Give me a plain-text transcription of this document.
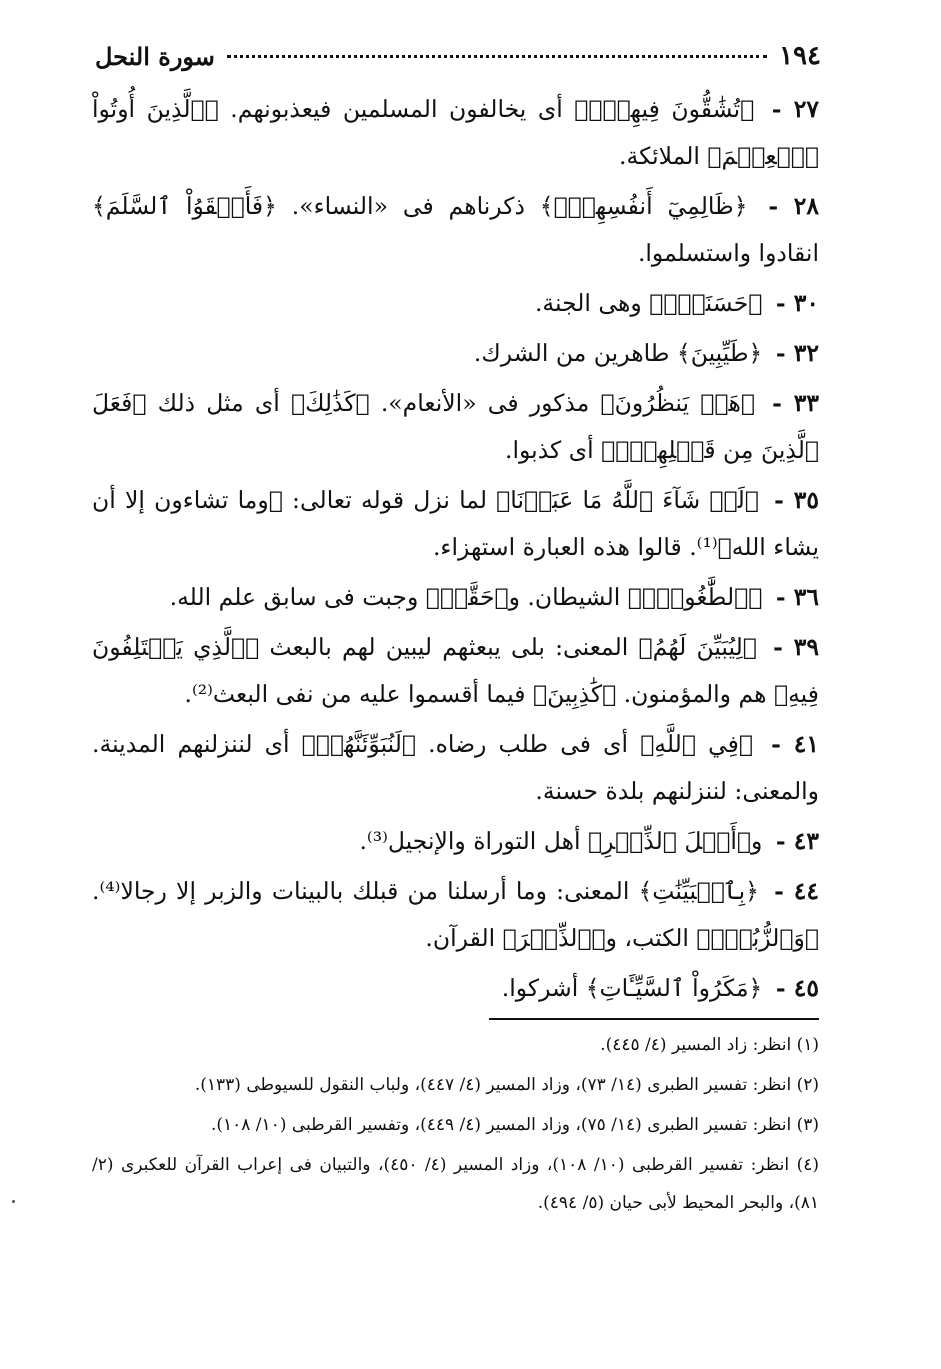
١٩٤
سورة النحل
٢٧ - ﴿تُشَٰقُّونَ فِيهِمۡۚ﴾ أى يخالفون المسلمين فيعذبونهم. ﴿ٱلَّذِينَ أُوتُواْ ٱلۡعِلۡمَ﴾ الملائكة.
٢٨ - ﴿ظَالِمِيٓ أَنفُسِهِمۡۖ﴾ ذكرناهم فى «النساء». ﴿فَأَلۡقَوُاْ ٱلسَّلَمَ﴾ انقادوا واستسلموا.
٣٠ - ﴿حَسَنَةٞۚ﴾ وهى الجنة.
٣٢ - ﴿طَيِّبِينَ﴾ طاهرين من الشرك.
٣٣ - ﴿هَلۡ يَنظُرُونَ﴾ مذكور فى «الأنعام». ﴿كَذَٰلِكَ﴾ أى مثل ذلك ﴿فَعَلَ ٱلَّذِينَ مِن قَبۡلِهِمۡۚ﴾ أى كذبوا.
٣٥ - ﴿لَوۡ شَآءَ ٱللَّهُ مَا عَبَدۡنَا﴾ لما نزل قوله تعالى: ﴿وما تشاءون إلا أن يشاء الله﴾⁽¹⁾. قالوا هذه العبارة استهزاء.
٣٦ - ﴿ٱلطَّٰغُوتَۖ﴾ الشيطان. و﴿حَقَّتۡ﴾ وجبت فى سابق علم الله.
٣٩ - ﴿لِيُبَيِّنَ لَهُمُ﴾ المعنى: بلى يبعثهم ليبين لهم بالبعث ﴿ٱلَّذِي يَخۡتَلِفُونَ فِيهِ﴾ هم والمؤمنون. ﴿كَٰذِبِينَ﴾ فيما أقسموا عليه من نفى البعث⁽²⁾.
٤١ - ﴿فِي ٱللَّهِ﴾ أى فى طلب رضاه. ﴿لَنُبَوِّئَنَّهُمۡ﴾ أى لننزلنهم المدينة. والمعنى: لننزلنهم بلدة حسنة.
٤٣ - و﴿أَهۡلَ ٱلذِّكۡرِ﴾ أهل التوراة والإنجيل⁽³⁾.
٤٤ - ﴿بِٱلۡبَيِّنَٰتِ﴾ المعنى: وما أرسلنا من قبلك بالبينات والزبر إلا رجالا⁽⁴⁾. ﴿وَٱلزُّبُرِۗ﴾ الكتب، و﴿ٱلذِّكۡرَ﴾ القرآن.
٤٥ - ﴿مَكَرُواْ ٱلسَّيِّـَٔاتِ﴾ أشركوا.
(١) انظر: زاد المسير (٤/ ٤٤٥).
(٢) انظر: تفسير الطبرى (١٤/ ٧٣)، وزاد المسير (٤/ ٤٤٧)، ولباب النقول للسيوطى (١٣٣).
(٣) انظر: تفسير الطبرى (١٤/ ٧٥)، وزاد المسير (٤/ ٤٤٩)، وتفسير القرطبى (١٠/ ١٠٨).
(٤) انظر: تفسير القرطبى (١٠/ ١٠٨)، وزاد المسير (٤/ ٤٥٠)، والتبيان فى إعراب القرآن للعكبرى (٢/ ٨١)، والبحر المحيط لأبى حيان (٥/ ٤٩٤).
